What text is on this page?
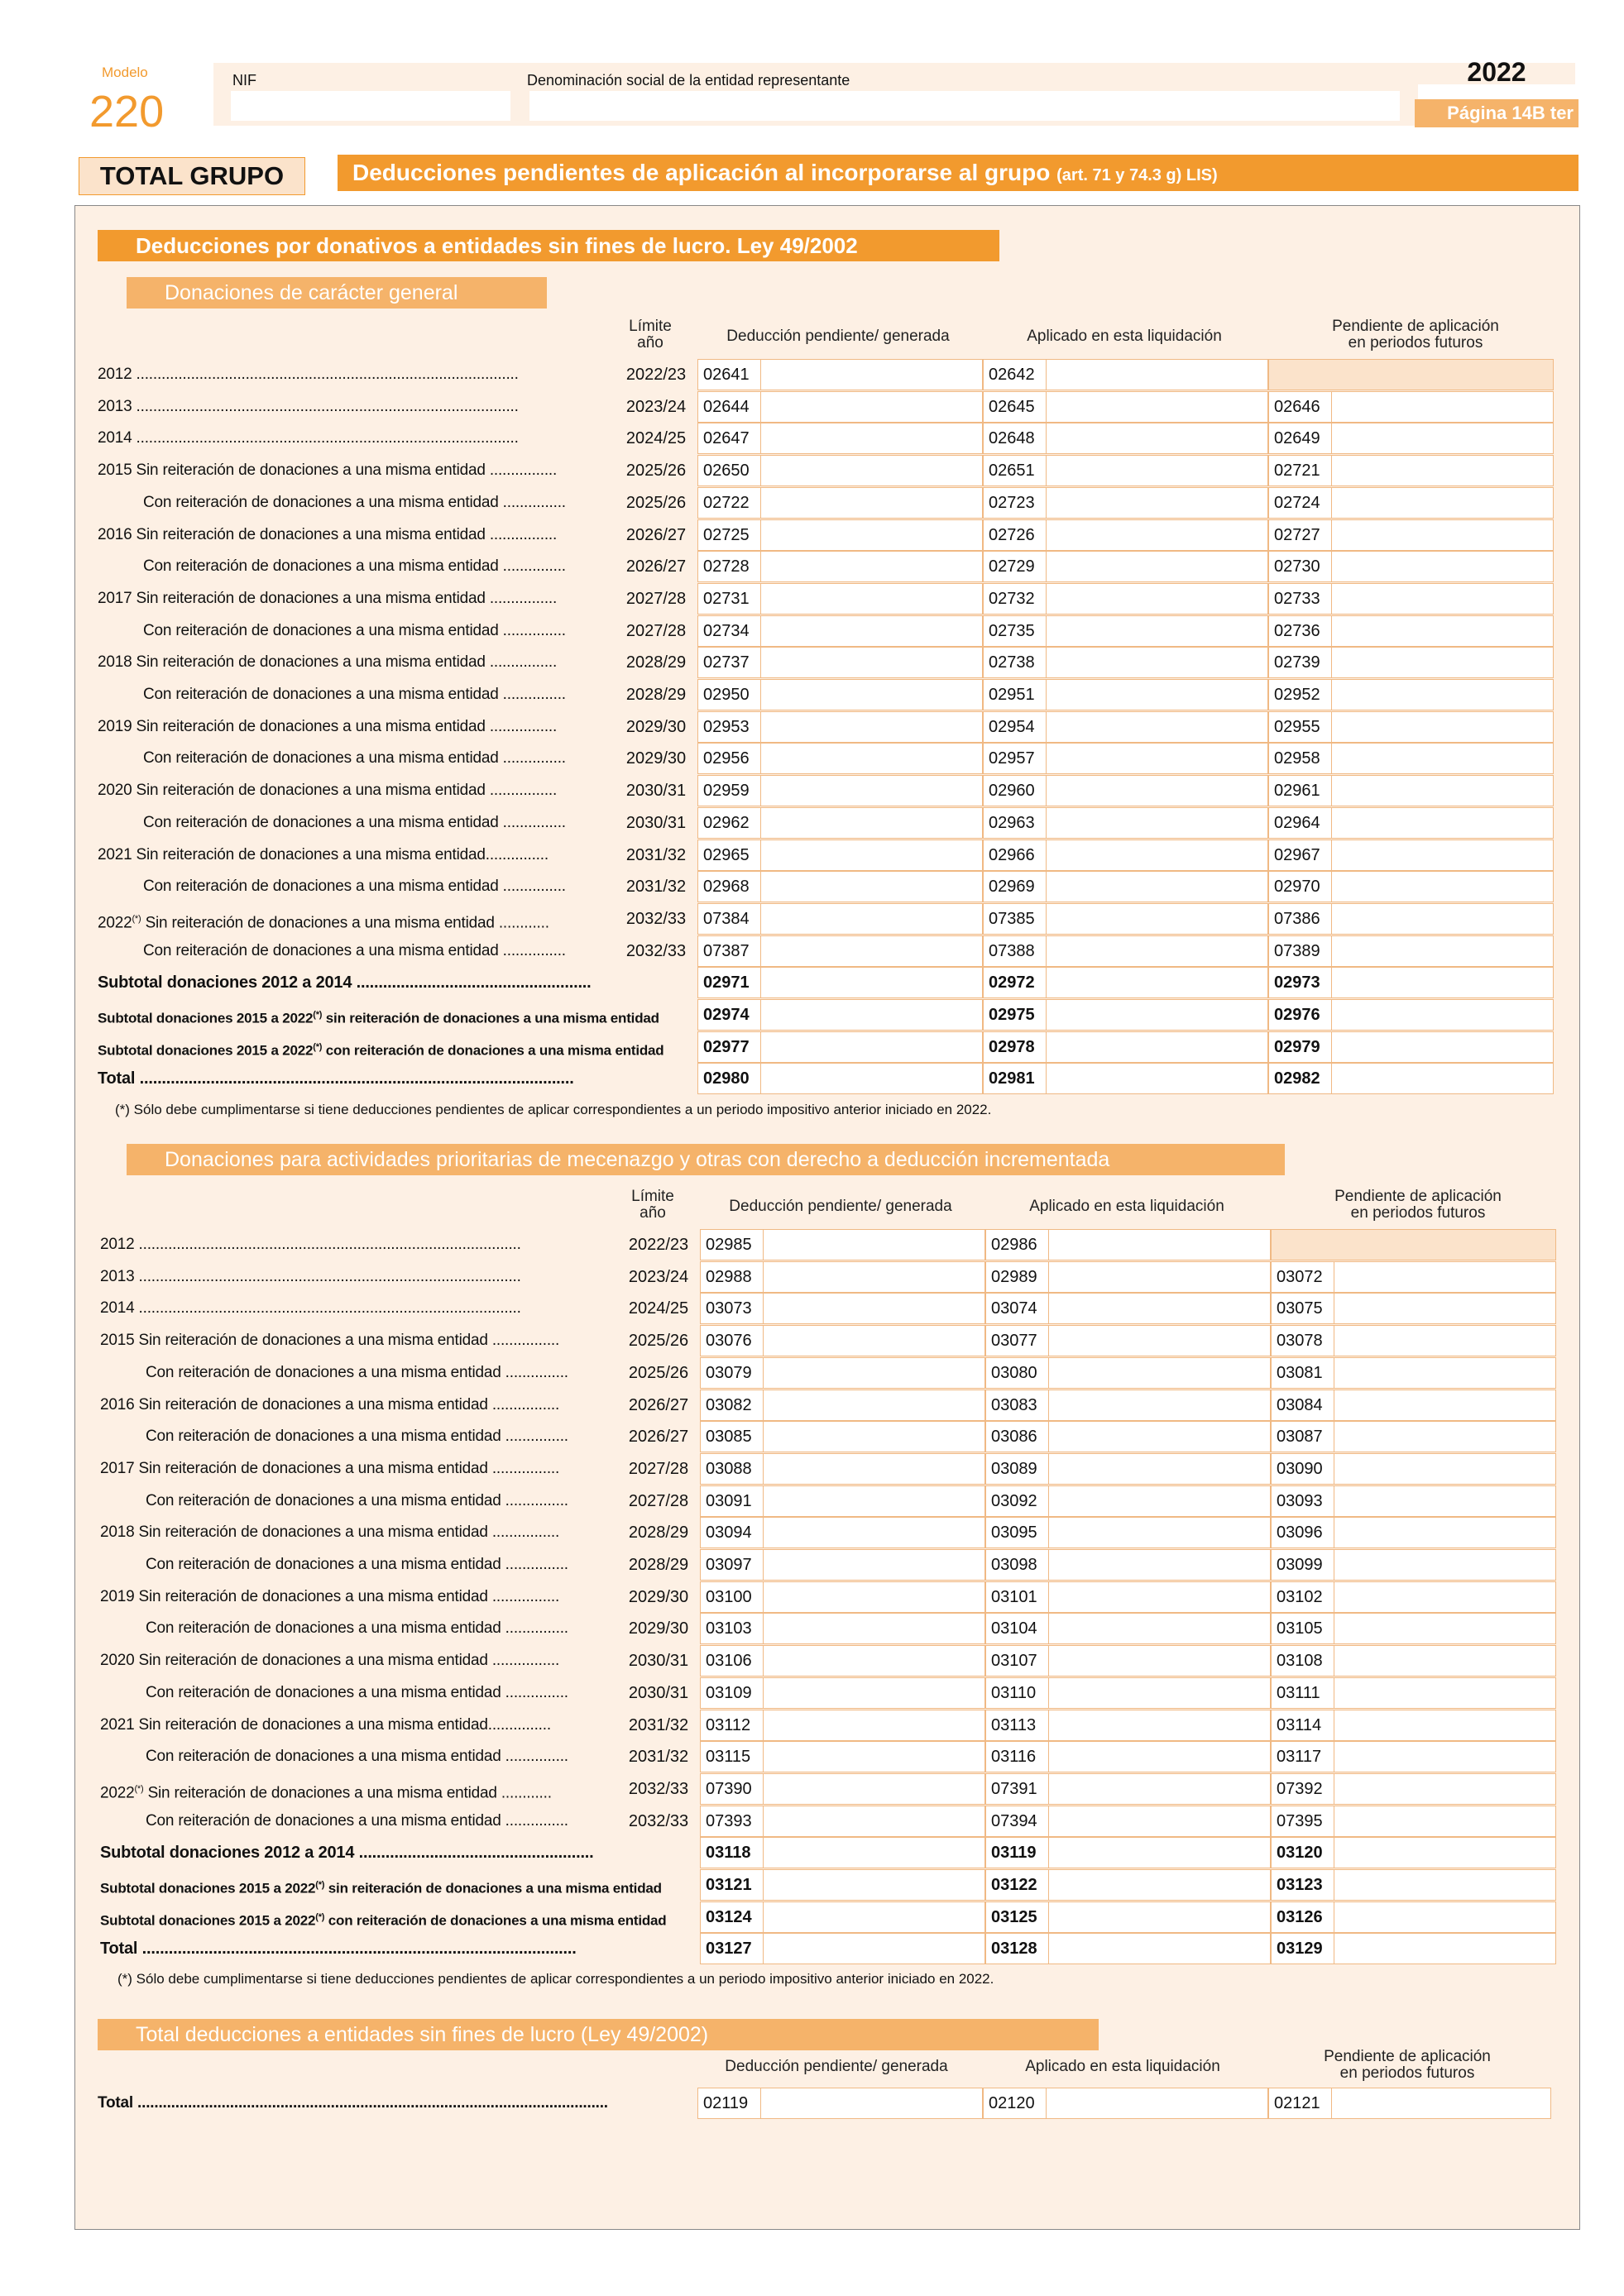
Modelo
220
NIF	Denominación social de la entidad representante	2022
Página 14B ter
TOTAL GRUPO	Deducciones pendientes de aplicación al incorporarse al grupo (art. 71 y 74.3 g) LIS)
Deducciones por donativos a entidades sin fines de lucro. Ley 49/2002
Donaciones de carácter general
Límite
año	Deducción pendiente/ generada	Aplicado en esta liquidación
Pendiente de aplicación
en periodos futuros
2012 ...........................................................................................	2022/23	02641	02642
2013 ...........................................................................................	2023/24	02644	02645	02646
2014 ...........................................................................................	2024/25	02647	02648	02649
2015 Sin reiteración de donaciones a una misma entidad ................	2025/26	02650	02651	02721
Con reiteración de donaciones a una misma entidad ...............	2025/26	02722	02723	02724
2016 Sin reiteración de donaciones a una misma entidad ................	2026/27	02725	02726	02727
Con reiteración de donaciones a una misma entidad ...............	2026/27	02728	02729	02730
2017 Sin reiteración de donaciones a una misma entidad ................	2027/28	02731	02732	02733
Con reiteración de donaciones a una misma entidad ...............	2027/28	02734	02735	02736
2018 Sin reiteración de donaciones a una misma entidad ................	2028/29	02737	02738	02739
Con reiteración de donaciones a una misma entidad ...............	2028/29	02950	02951	02952
2019 Sin reiteración de donaciones a una misma entidad ................	2029/30	02953	02954	02955
Con reiteración de donaciones a una misma entidad ...............	2029/30	02956	02957	02958
2020 Sin reiteración de donaciones a una misma entidad ................	2030/31	02959	02960	02961
Con reiteración de donaciones a una misma entidad ...............	2030/31	02962	02963	02964
2021 Sin reiteración de donaciones a una misma entidad...............	2031/32	02965	02966	02967
Con reiteración de donaciones a una misma entidad ...............	2031/32	02968	02969	02970
2022(*) Sin reiteración de donaciones a una misma entidad ............	2032/33	07384	07385	07386
Con reiteración de donaciones a una misma entidad ...............	2032/33	07387	07388	07389
Subtotal donaciones 2012 a 2014 .....................................................	02971	02972	02973
Subtotal donaciones 2015 a 2022(*) sin reiteración de donaciones a una misma entidad	02974	02975	02976
Subtotal donaciones 2015 a 2022(*) con reiteración de donaciones a una misma entidad	02977	02978	02979
Total ..................................................................................................	02980	02981	02982
(*) Sólo debe cumplimentarse si tiene deducciones pendientes de aplicar correspondientes a un periodo impositivo anterior iniciado en 2022.
Donaciones para actividades prioritarias de mecenazgo y otras con derecho a deducción incrementada
Límite
año	Deducción pendiente/ generada	Aplicado en esta liquidación
Pendiente de aplicación
en periodos futuros
2012 ...........................................................................................	2022/23	02985	02986
2013 ...........................................................................................	2023/24	02988	02989	03072
2014 ...........................................................................................	2024/25	03073	03074	03075
2015 Sin reiteración de donaciones a una misma entidad ................	2025/26	03076	03077	03078
Con reiteración de donaciones a una misma entidad ...............	2025/26	03079	03080	03081
2016 Sin reiteración de donaciones a una misma entidad ................	2026/27	03082	03083	03084
Con reiteración de donaciones a una misma entidad ...............	2026/27	03085	03086	03087
2017 Sin reiteración de donaciones a una misma entidad ................	2027/28	03088	03089	03090
Con reiteración de donaciones a una misma entidad ...............	2027/28	03091	03092	03093
2018 Sin reiteración de donaciones a una misma entidad ................	2028/29	03094	03095	03096
Con reiteración de donaciones a una misma entidad ...............	2028/29	03097	03098	03099
2019 Sin reiteración de donaciones a una misma entidad ................	2029/30	03100	03101	03102
Con reiteración de donaciones a una misma entidad ...............	2029/30	03103	03104	03105
2020 Sin reiteración de donaciones a una misma entidad ................	2030/31	03106	03107	03108
Con reiteración de donaciones a una misma entidad ...............	2030/31	03109	03110	03111
2021 Sin reiteración de donaciones a una misma entidad...............	2031/32	03112	03113	03114
Con reiteración de donaciones a una misma entidad ...............	2031/32	03115	03116	03117
2022(*) Sin reiteración de donaciones a una misma entidad ............	2032/33	07390	07391	07392
Con reiteración de donaciones a una misma entidad ...............	2032/33	07393	07394	07395
Subtotal donaciones 2012 a 2014 .....................................................	03118	03119	03120
Subtotal donaciones 2015 a 2022(*) sin reiteración de donaciones a una misma entidad	03121	03122	03123
Subtotal donaciones 2015 a 2022(*) con reiteración de donaciones a una misma entidad	03124	03125	03126
Total ..................................................................................................	03127	03128	03129
(*) Sólo debe cumplimentarse si tiene deducciones pendientes de aplicar correspondientes a un periodo impositivo anterior iniciado en 2022.
Total deducciones a entidades sin fines de lucro (Ley 49/2002)
Deducción pendiente/ generada	Aplicado en esta liquidación
Pendiente de aplicación
en periodos futuros
Total ................................................................................................................	02119	02120	02121
